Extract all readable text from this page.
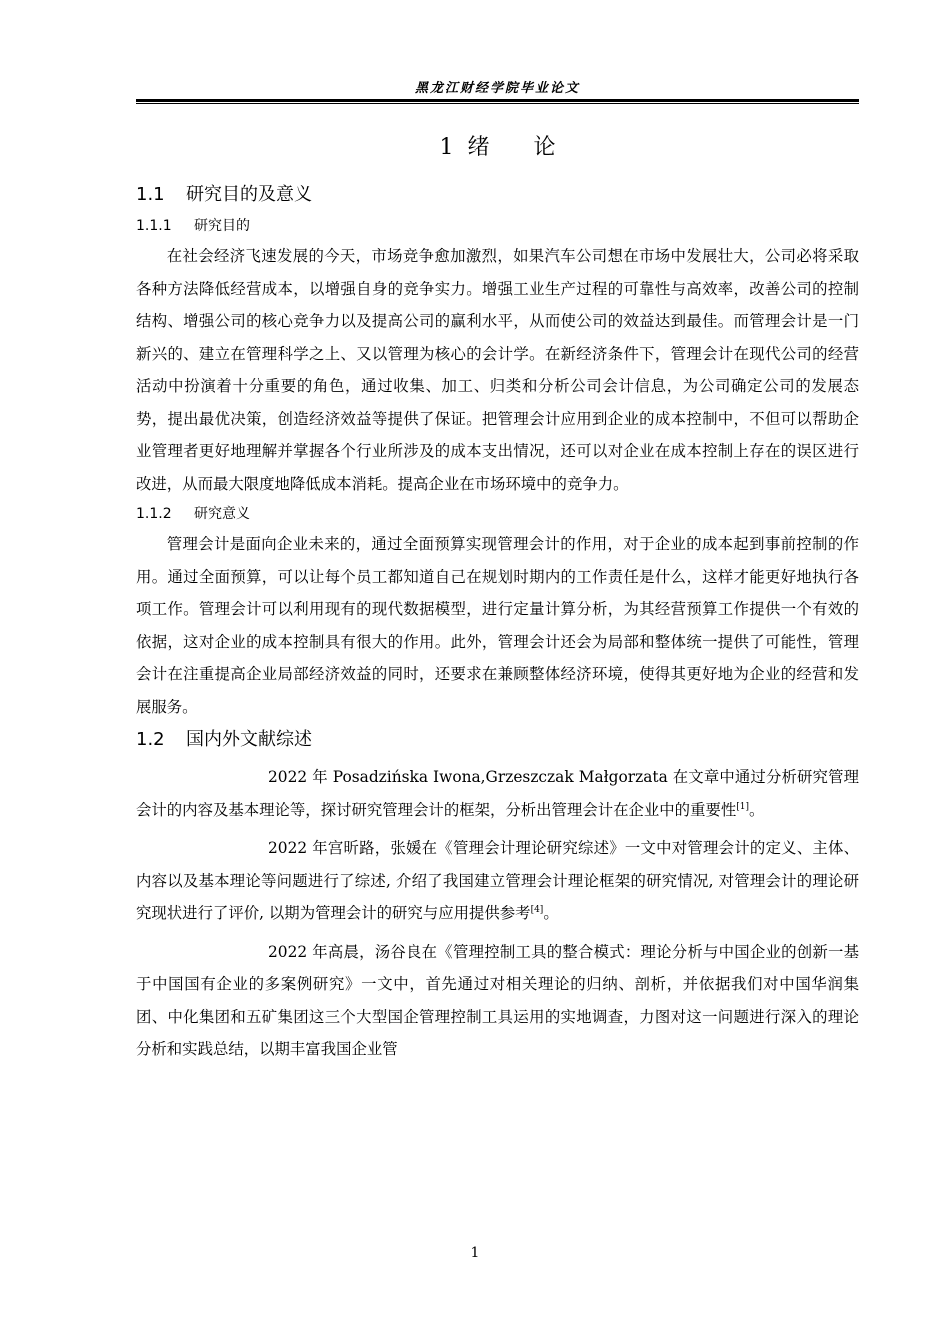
黑龙江财经学院毕业论文
1 绪 论
1.1 研究目的及意义
1.1.1 研究目的

在社会经济飞速发展的今天，市场竞争愈加激烈，如果汽车公司想在市场中发展壮大，公司必将采取各种方法降低经营成本，以增强自身的竞争实力。增强工业生产过程的可靠性与高效率，改善公司的控制结构、增强公司的核心竞争力以及提高公司的赢利水平，从而使公司的效益达到最佳。而管理会计是一门新兴的、建立在管理科学之上、又以管理为核心的会计学。在新经济条件下，管理会计在现代公司的经营活动中扮演着十分重要的角色，通过收集、加工、归类和分析公司会计信息，为公司确定公司的发展态势，提出最优决策，创造经济效益等提供了保证。把管理会计应用到企业的成本控制中，不但可以帮助企业管理者更好地理解并掌握各个行业所涉及的成本支出情况，还可以对企业在成本控制上存在的误区进行改进，从而最大限度地降低成本消耗。提高企业在市场环境中的竞争力。

1.1.2 研究意义

管理会计是面向企业未来的，通过全面预算实现管理会计的作用，对于企业的成本起到事前控制的作用。通过全面预算，可以让每个员工都知道自己在规划时期内的工作责任是什么，这样才能更好地执行各项工作。管理会计可以利用现有的现代数据模型，进行定量计算分析，为其经营预算工作提供一个有效的依据，这对企业的成本控制具有很大的作用。此外，管理会计还会为局部和整体统一提供了可能性，管理会计在注重提高企业局部经济效益的同时，还要求在兼顾整体经济环境，使得其更好地为企业的经营和发展服务。

1.2 国内外文献综述

2022 年 Posadzińska Iwona,Grzeszczak Małgorzata 在文章中通过分析研究管理会计的内容及基本理论等，探讨研究管理会计的框架，分析出管理会计在企业中的重要性[1]。

2022 年宫昕路，张媛在《管理会计理论研究综述》一文中对管理会计的定义、主体、内容以及基本理论等问题进行了综述, 介绍了我国建立管理会计理论框架的研究情况, 对管理会计的理论研究现状进行了评价, 以期为管理会计的研究与应用提供参考[4]。

2022 年高晨，汤谷良在《管理控制工具的整合模式：理论分析与中国企业的创新一基于中国国有企业的多案例研究》一文中，首先通过对相关理论的归纳、剖析，并依据我们对中国华润集团、中化集团和五矿集团这三个大型国企管理控制工具运用的实地调查，力图对这一问题进行深入的理论分析和实践总结，以期丰富我国企业管

1
